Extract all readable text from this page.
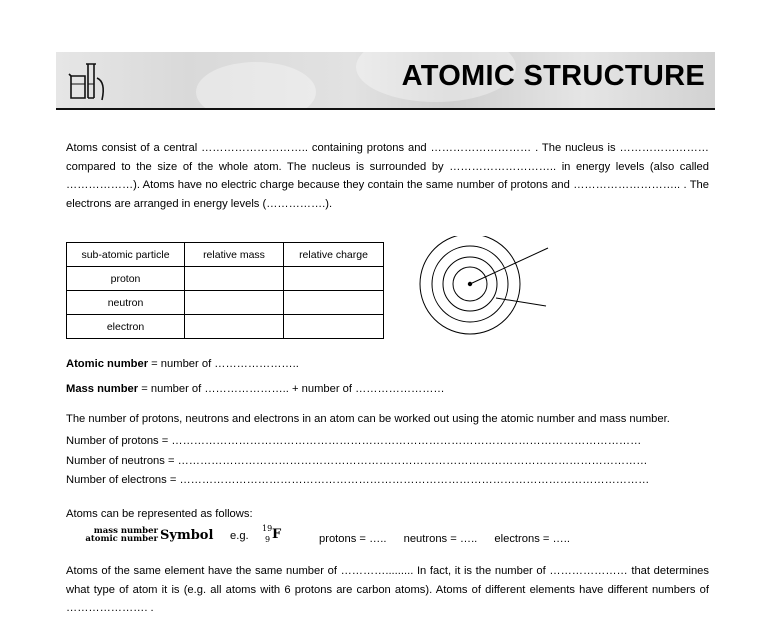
ATOMIC STRUCTURE

Atoms consist of a central ……………………….. containing protons and ……………………… . The nucleus is …………………… compared to the size of the whole atom. The nucleus is surrounded by ……………………….. in energy levels (also called ………………). Atoms have no electric charge because they contain the same number of protons and ……………………….. . The electrons are arranged in energy levels (…………….).

sub-atomic particle	relative mass	relative charge
proton		
neutron		
electron		
Atomic number = number of …………………..
Mass number = number of ………………….. + number of ……………………
The number of protons, neutrons and electrons in an atom can be worked out using the atomic number and mass number.
Number of protons = ………………………………………………………………………………………………………………
Number of neutrons = ………………………………………………………………………………………………………………
Number of electrons = ………………………………………………………………………………………………………………
Atoms can be represented as follows:
mass number
atomic number Symbol e.g.
19
9 F	protons = ….. neutrons = ….. electrons = …..

Atoms of the same element have the same number of …………......... In fact, it is the number of ………………… that determines what type of atom it is (e.g. all atoms with 6 protons are carbon atoms). Atoms of different elements have different numbers of …………………. .
